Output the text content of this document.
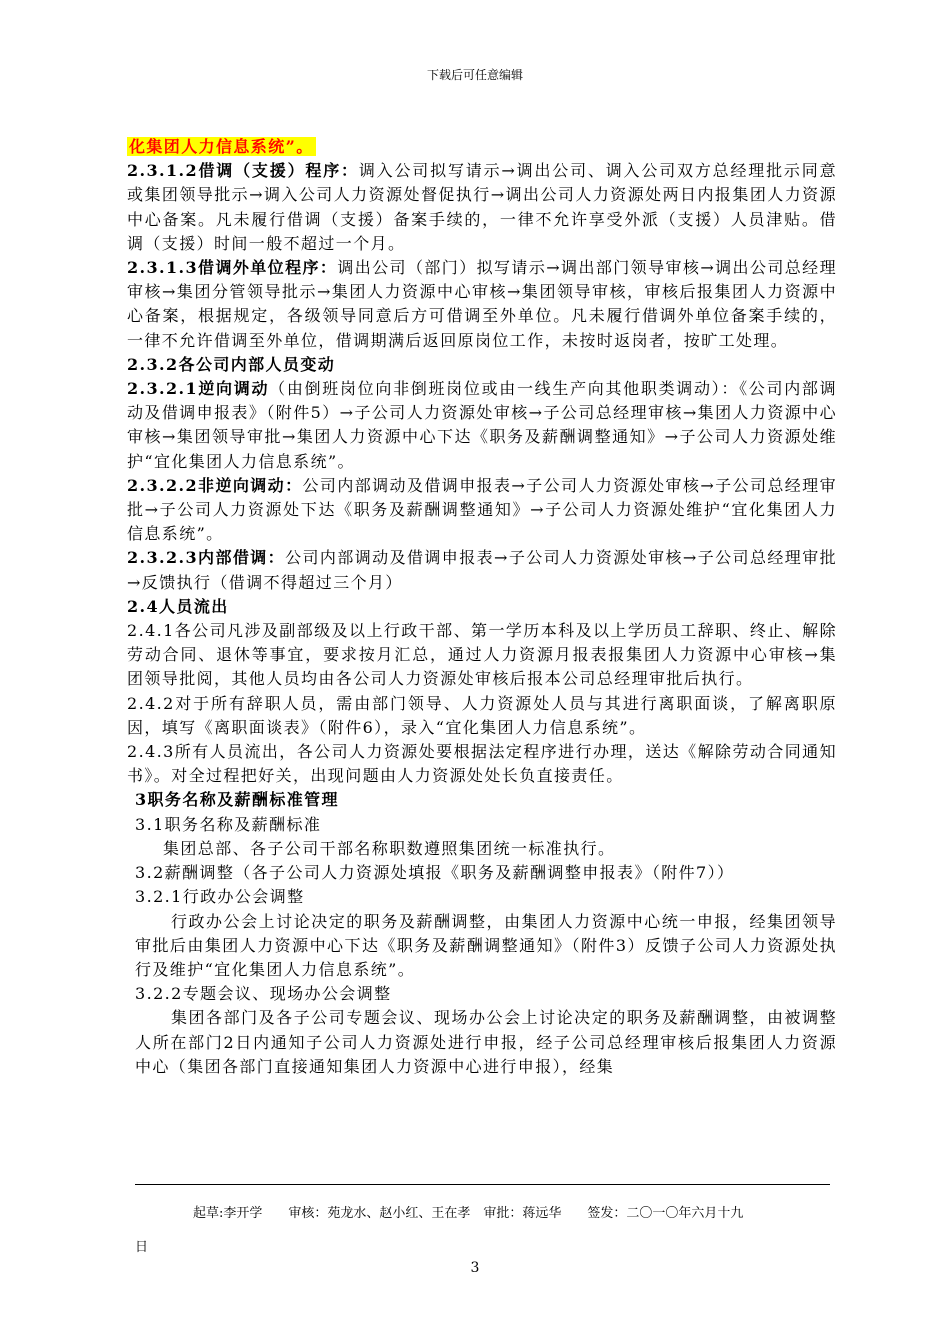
下载后可任意编辑

化集团人力信息系统”。

2.3.1.2借调（支援）程序：调入公司拟写请示→调出公司、调入公司双方总经理批示同意或集团领导批示→调入公司人力资源处督促执行→调出公司人力资源处两日内报集团人力资源中心备案。凡未履行借调（支援）备案手续的，一律不允许享受外派（支援）人员津贴。借调（支援）时间一般不超过一个月。

2.3.1.3借调外单位程序：调出公司（部门）拟写请示→调出部门领导审核→调出公司总经理审核→集团分管领导批示→集团人力资源中心审核→集团领导审核，审核后报集团人力资源中心备案，根据规定，各级领导同意后方可借调至外单位。凡未履行借调外单位备案手续的，一律不允许借调至外单位，借调期满后返回原岗位工作，未按时返岗者，按旷工处理。

2.3.2各公司内部人员变动

2.3.2.1逆向调动（由倒班岗位向非倒班岗位或由一线生产向其他职类调动）：《公司内部调动及借调申报表》（附件5）→子公司人力资源处审核→子公司总经理审核→集团人力资源中心审核→集团领导审批→集团人力资源中心下达《职务及薪酬调整通知》→子公司人力资源处维护“宜化集团人力信息系统”。

2.3.2.2非逆向调动：公司内部调动及借调申报表→子公司人力资源处审核→子公司总经理审批→子公司人力资源处下达《职务及薪酬调整通知》→子公司人力资源处维护“宜化集团人力信息系统”。

2.3.2.3内部借调：公司内部调动及借调申报表→子公司人力资源处审核→子公司总经理审批→反馈执行（借调不得超过三个月）

2.4人员流出

2.4.1各公司凡涉及副部级及以上行政干部、第一学历本科及以上学历员工辞职、终止、解除劳动合同、退休等事宜，要求按月汇总，通过人力资源月报表报集团人力资源中心审核→集团领导批阅，其他人员均由各公司人力资源处审核后报本公司总经理审批后执行。

2.4.2对于所有辞职人员，需由部门领导、人力资源处人员与其进行离职面谈，了解离职原因，填写《离职面谈表》（附件6），录入“宜化集团人力信息系统”。

2.4.3所有人员流出，各公司人力资源处要根据法定程序进行办理，送达《解除劳动合同通知书》。对全过程把好关，出现问题由人力资源处处长负直接责任。

3职务名称及薪酬标准管理

3.1职务名称及薪酬标准

集团总部、各子公司干部名称职数遵照集团统一标准执行。

3.2薪酬调整（各子公司人力资源处填报《职务及薪酬调整申报表》（附件7））

3.2.1行政办公会调整

行政办公会上讨论决定的职务及薪酬调整，由集团人力资源中心统一申报，经集团领导审批后由集团人力资源中心下达《职务及薪酬调整通知》（附件3）反馈子公司人力资源处执行及维护“宜化集团人力信息系统”。

3.2.2专题会议、现场办公会调整

集团各部门及各子公司专题会议、现场办公会上讨论决定的职务及薪酬调整，由被调整人所在部门2日内通知子公司人力资源处进行申报，经子公司总经理审核后报集团人力资源中心（集团各部门直接通知集团人力资源中心进行申报），经集

起草:李开学　　审核：苑龙水、赵小红、王在孝　审批：蒋远华　　签发：二〇一〇年六月十九
日
3
